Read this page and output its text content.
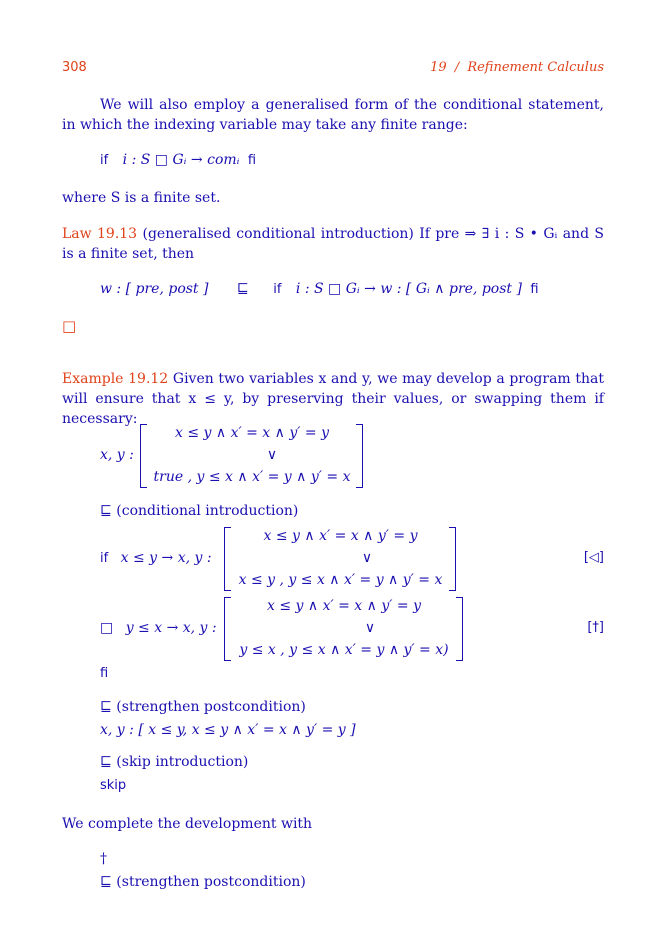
308	19 / Refinement Calculus
We will also employ a generalised form of the conditional statement, in which the indexing variable may take any finite range:
if i : S □ Gᵢ → comᵢ fi
where S is a finite set.
Law 19.13 (generalised conditional introduction) If pre ⇒ ∃ i : S • Gᵢ and S is a finite set, then
w : [ pre, post ] ⊑ if i : S □ Gᵢ → w : [ Gᵢ ∧ pre, post ] fi
□
Example 19.12 Given two variables x and y, we may develop a program that will ensure that x ≤ y, by preserving their values, or swapping them if necessary:
x, y :
x ≤ y ∧ x′ = x ∧ y′ = y
∨
true , y ≤ x ∧ x′ = y ∧ y′ = x
⊑ (conditional introduction)
if x ≤ y → x, y :
x ≤ y ∧ x′ = x ∧ y′ = y
∨
x ≤ y , y ≤ x ∧ x′ = y ∧ y′ = x
[◁]
□ y ≤ x → x, y :
x ≤ y ∧ x′ = x ∧ y′ = y
∨
y ≤ x , y ≤ x ∧ x′ = y ∧ y′ = x)
[†]
fi
⊑ (strengthen postcondition)
x, y : [ x ≤ y, x ≤ y ∧ x′ = x ∧ y′ = y ]
⊑ (skip introduction)
skip
We complete the development with
†
⊑ (strengthen postcondition)
